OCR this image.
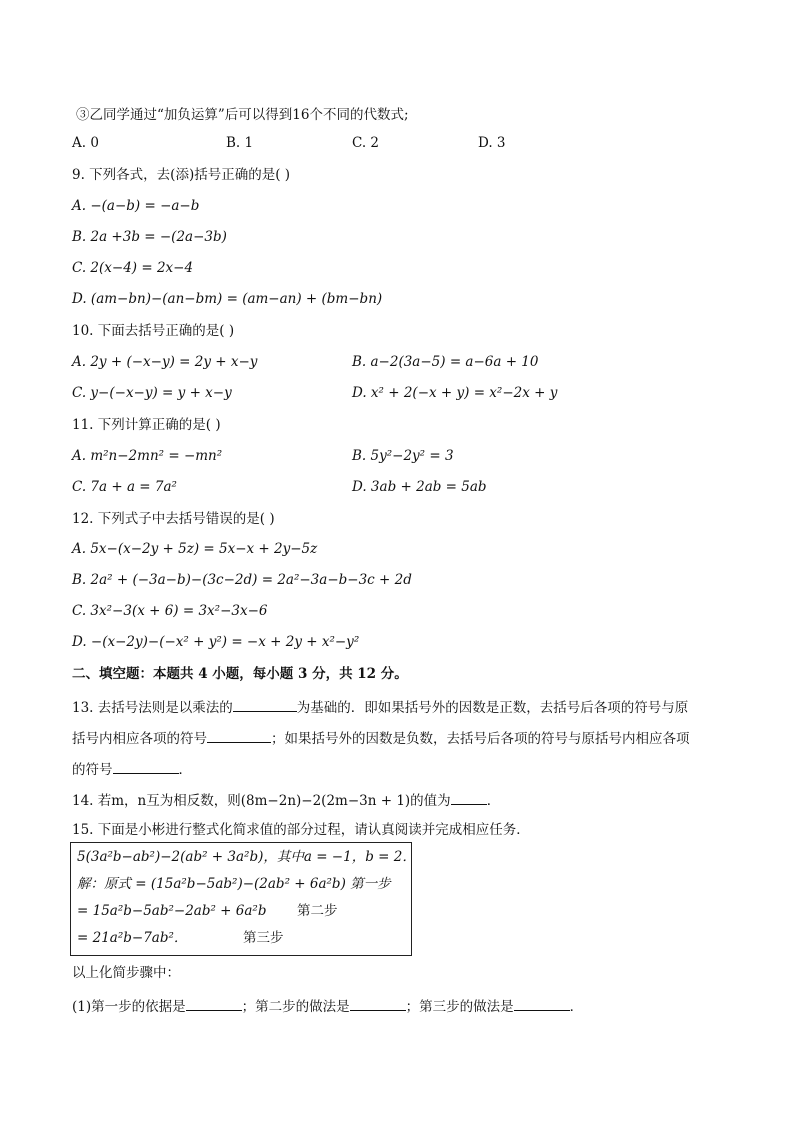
③乙同学通过“加负运算”后可以得到16个不同的代数式;
A. 0	B. 1	C. 2	D. 3
9. 下列各式，去(添)括号正确的是( )
A. −(a−b) = −a−b
B. 2a +3b = −(2a−3b)
C. 2(x−4) = 2x−4
D. (am−bn)−(an−bm) = (am−an) + (bm−bn)
10. 下面去括号正确的是( )
A. 2y + (−x−y) = 2y + x−y	B. a−2(3a−5) = a−6a + 10
C. y−(−x−y) = y + x−y	D. x² + 2(−x + y) = x²−2x + y
11. 下列计算正确的是( )
A. m²n−2mn² = −mn²	B. 5y²−2y² = 3
C. 7a + a = 7a²	D. 3ab + 2ab = 5ab
12. 下列式子中去括号错误的是( )
A. 5x−(x−2y + 5z) = 5x−x + 2y−5z
B. 2a² + (−3a−b)−(3c−2d) = 2a²−3a−b−3c + 2d
C. 3x²−3(x + 6) = 3x²−3x−6
D. −(x−2y)−(−x² + y²) = −x + 2y + x²−y²
二、填空题：本题共 4 小题，每小题 3 分，共 12 分。
13. 去括号法则是以乘法的	为基础的．即如果括号外的因数是正数，去括号后各项的符号与原
括号内相应各项的符号	；如果括号外的因数是负数，去括号后各项的符号与原括号内相应各项
的符号	．
14. 若m，n互为相反数，则(8m−2n)−2(2m−3n + 1)的值为	．
15. 下面是小彬进行整式化简求值的部分过程，请认真阅读并完成相应任务．
5(3a²b−ab²)−2(ab² + 3a²b)，其中a = −1，b = 2．
解：原式 = (15a²b−5ab²)−(2ab² + 6a²b) 第一步
= 15a²b−5ab²−2ab² + 6a²b 第二步
= 21a²b−7ab²．	第三步
以上化简步骤中：
(1)第一步的依据是	；第二步的做法是	；第三步的做法是	．
